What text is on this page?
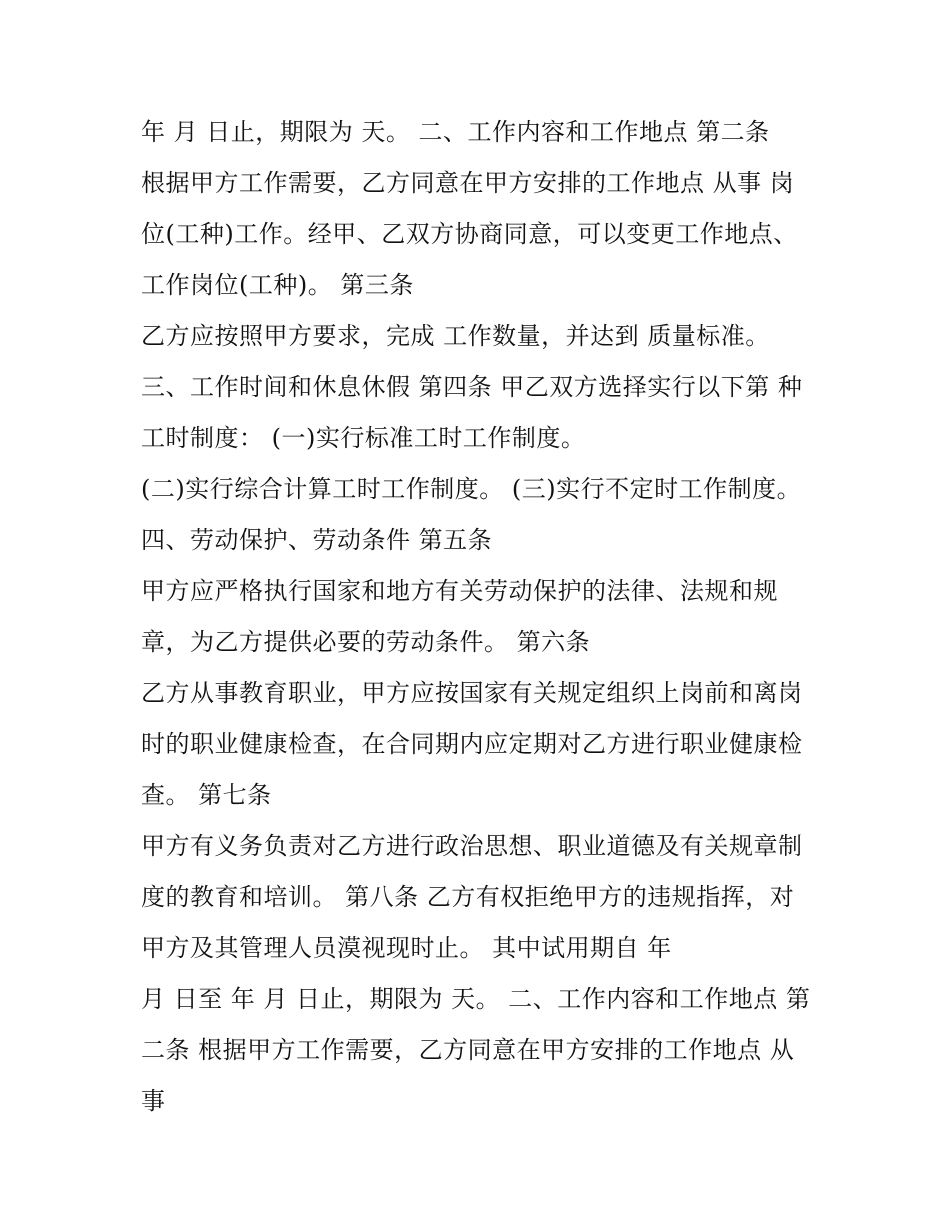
年 月 日止，期限为 天。 二、工作内容和工作地点 第二条
根据甲方工作需要，乙方同意在甲方安排的工作地点 从事 岗
位(工种)工作。经甲、乙双方协商同意，可以变更工作地点、
工作岗位(工种)。 第三条
乙方应按照甲方要求，完成 工作数量，并达到 质量标准。
三、工作时间和休息休假 第四条 甲乙双方选择实行以下第 种
工时制度： (一)实行标准工时工作制度。
(二)实行综合计算工时工作制度。 (三)实行不定时工作制度。
四、劳动保护、劳动条件 第五条
甲方应严格执行国家和地方有关劳动保护的法律、法规和规
章，为乙方提供必要的劳动条件。 第六条
乙方从事教育职业，甲方应按国家有关规定组织上岗前和离岗
时的职业健康检查，在合同期内应定期对乙方进行职业健康检
查。 第七条
甲方有义务负责对乙方进行政治思想、职业道德及有关规章制
度的教育和培训。 第八条 乙方有权拒绝甲方的违规指挥，对
甲方及其管理人员漠视现时止。 其中试用期自 年
月 日至 年 月 日止，期限为 天。 二、工作内容和工作地点 第
二条 根据甲方工作需要，乙方同意在甲方安排的工作地点 从
事
